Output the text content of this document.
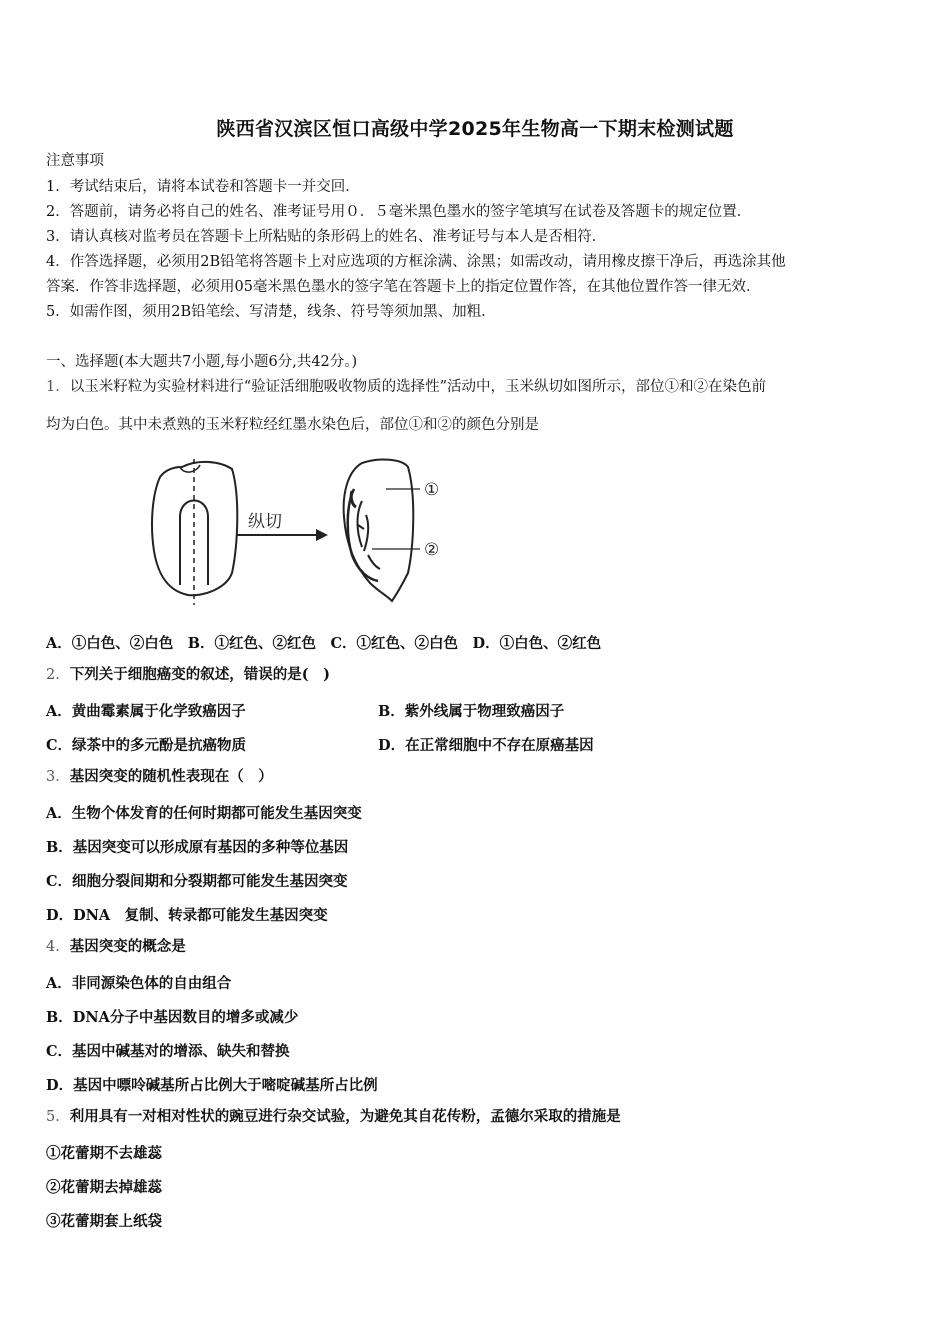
陕西省汉滨区恒口高级中学2025年生物高一下期末检测试题
注意事项
1．考试结束后，请将本试卷和答题卡一并交回．
2．答题前，请务必将自己的姓名、准考证号用０．５毫米黑色墨水的签字笔填写在试卷及答题卡的规定位置．
3．请认真核对监考员在答题卡上所粘贴的条形码上的姓名、准考证号与本人是否相符．
4．作答选择题，必须用2B铅笔将答题卡上对应选项的方框涂满、涂黑；如需改动，请用橡皮擦干净后，再选涂其他
答案．作答非选择题，必须用05毫米黑色墨水的签字笔在答题卡上的指定位置作答，在其他位置作答一律无效．
5．如需作图，须用2B铅笔绘、写清楚，线条、符号等须加黑、加粗．
一、选择题(本大题共7小题,每小题6分,共42分。)
1．以玉米籽粒为实验材料进行“验证活细胞吸收物质的选择性”活动中，玉米纵切如图所示，部位①和②在染色前
均为白色。其中未煮熟的玉米籽粒经红墨水染色后，部位①和②的颜色分别是
纵切
①
②
A．①白色、②白色　B．①红色、②红色　C．①红色、②白色　D．①白色、②红色
2．下列关于细胞癌变的叙述，错误的是(　)
A．黄曲霉素属于化学致癌因子	B．紫外线属于物理致癌因子
C．绿茶中的多元酚是抗癌物质	D．在正常细胞中不存在原癌基因
3．基因突变的随机性表现在（　）
A．生物个体发育的任何时期都可能发生基因突变
B．基因突变可以形成原有基因的多种等位基因
C．细胞分裂间期和分裂期都可能发生基因突变
D．DNA　复制、转录都可能发生基因突变
4．基因突变的概念是
A．非同源染色体的自由组合
B．DNA分子中基因数目的增多或减少
C．基因中碱基对的增添、缺失和替换
D．基因中嘌呤碱基所占比例大于嘧啶碱基所占比例
5．利用具有一对相对性状的豌豆进行杂交试验，为避免其自花传粉，孟德尔采取的措施是
①花蕾期不去雄蕊
②花蕾期去掉雄蕊
③花蕾期套上纸袋
